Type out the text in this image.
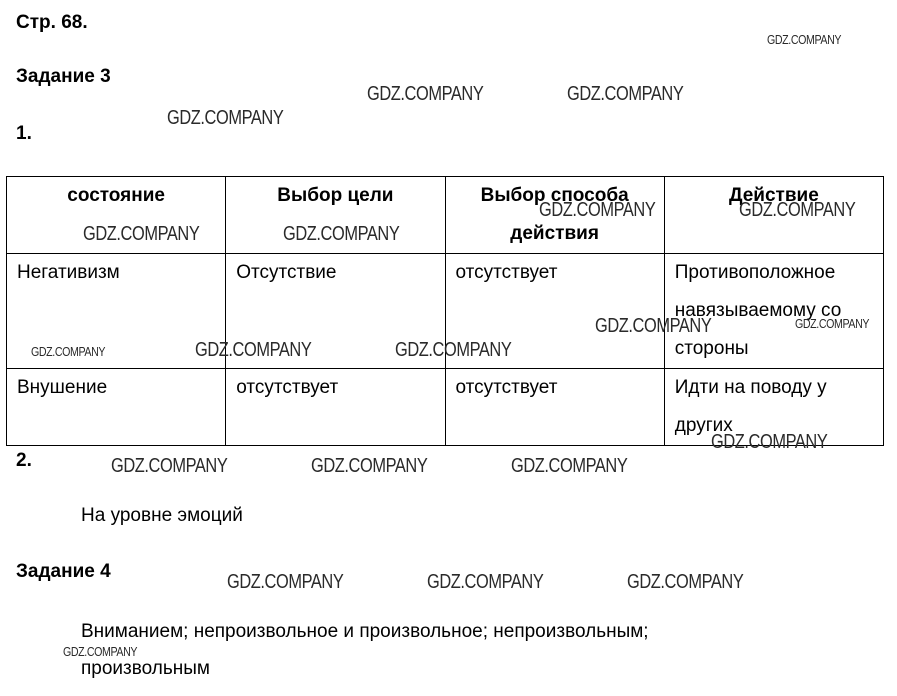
Стр. 68.
Задание 3
1.
состояние	Выбор цели	Выбор способа действия	Действие
Негативизм	Отсутствие	отсутствует	Противоположное навязываемому со стороны
Внушение	отсутствует	отсутствует	Идти на поводу у других
2.
На уровне эмоций
Задание 4
Вниманием; непроизвольное и произвольное; непроизвольным; произвольным
GDZ.COMPANY
GDZ.COMPANY	GDZ.COMPANY
GDZ.COMPANY
GDZ.COMPANY	GDZ.COMPANY
GDZ.COMPANY	GDZ.COMPANY
GDZ.COMPANY	GDZ.COMPANY
GDZ.COMPANY	GDZ.COMPANY	GDZ.COMPANY
GDZ.COMPANY
GDZ.COMPANY	GDZ.COMPANY	GDZ.COMPANY
GDZ.COMPANY	GDZ.COMPANY	GDZ.COMPANY
GDZ.COMPANY
